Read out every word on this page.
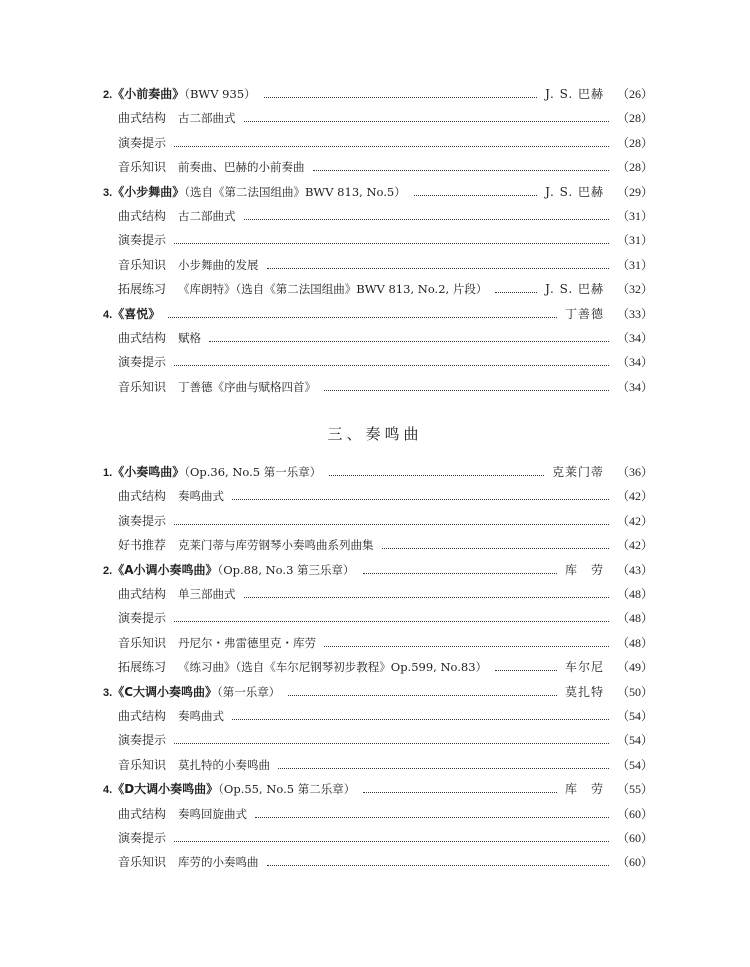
2.《小前奏曲》（BWV 935）	J. S. 巴赫 （26）
曲式结构 古二部曲式	（28）
演奏提示	（28）
音乐知识 前奏曲、巴赫的小前奏曲	（28）
3.《小步舞曲》（选自《第二法国组曲》BWV 813, No.5）	J. S. 巴赫 （29）
曲式结构 古二部曲式	（31）
演奏提示	（31）
音乐知识 小步舞曲的发展	（31）
拓展练习 《库朗特》（选自《第二法国组曲》BWV 813, No.2, 片段）	J. S. 巴赫 （32）
4.《喜悦》	丁善德 （33）
曲式结构 赋格	（34）
演奏提示	（34）
音乐知识 丁善德《序曲与赋格四首》	（34）
三、奏鸣曲
1.《小奏鸣曲》（Op.36, No.5 第一乐章）	克莱门蒂 （36）
曲式结构 奏鸣曲式	（42）
演奏提示	（42）
好书推荐 克莱门蒂与库劳钢琴小奏鸣曲系列曲集	（42）
2.《A小调小奏鸣曲》（Op.88, No.3 第三乐章）	库　劳 （43）
曲式结构 单三部曲式	（48）
演奏提示	（48）
音乐知识 丹尼尔・弗雷德里克・库劳	（48）
拓展练习 《练习曲》（选自《车尔尼钢琴初步教程》Op.599, No.83）	车尔尼 （49）
3.《C大调小奏鸣曲》（第一乐章）	莫扎特 （50）
曲式结构 奏鸣曲式	（54）
演奏提示	（54）
音乐知识 莫扎特的小奏鸣曲	（54）
4.《D大调小奏鸣曲》（Op.55, No.5 第二乐章）	库　劳 （55）
曲式结构 奏鸣回旋曲式	（60）
演奏提示	（60）
音乐知识 库劳的小奏鸣曲	（60）
